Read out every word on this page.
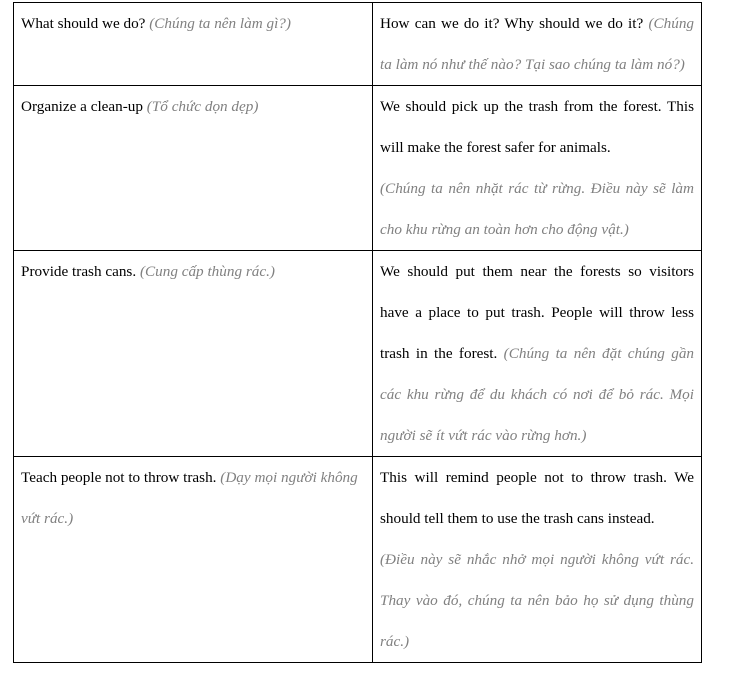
What should we do? (Chúng ta nên làm gì?)	How can we do it? Why should we do it? (Chúng ta làm nó như thế nào? Tại sao chúng ta làm nó?)
Organize a clean-up (Tổ chức dọn dẹp)	We should pick up the trash from the forest. This will make the forest safer for animals.
(Chúng ta nên nhặt rác từ rừng. Điều này sẽ làm cho khu rừng an toàn hơn cho động vật.)

Provide trash cans. (Cung cấp thùng rác.)	We should put them near the forests so visitors have a place to put trash. People will throw less trash in the forest. (Chúng ta nên đặt chúng gần các khu rừng để du khách có nơi để bỏ rác. Mọi người sẽ ít vứt rác vào rừng hơn.)
Teach people not to throw trash. (Dạy mọi người không vứt rác.)	This will remind people not to throw trash. We should tell them to use the trash cans instead.
(Điều này sẽ nhắc nhở mọi người không vứt rác. Thay vào đó, chúng ta nên bảo họ sử dụng thùng rác.)
